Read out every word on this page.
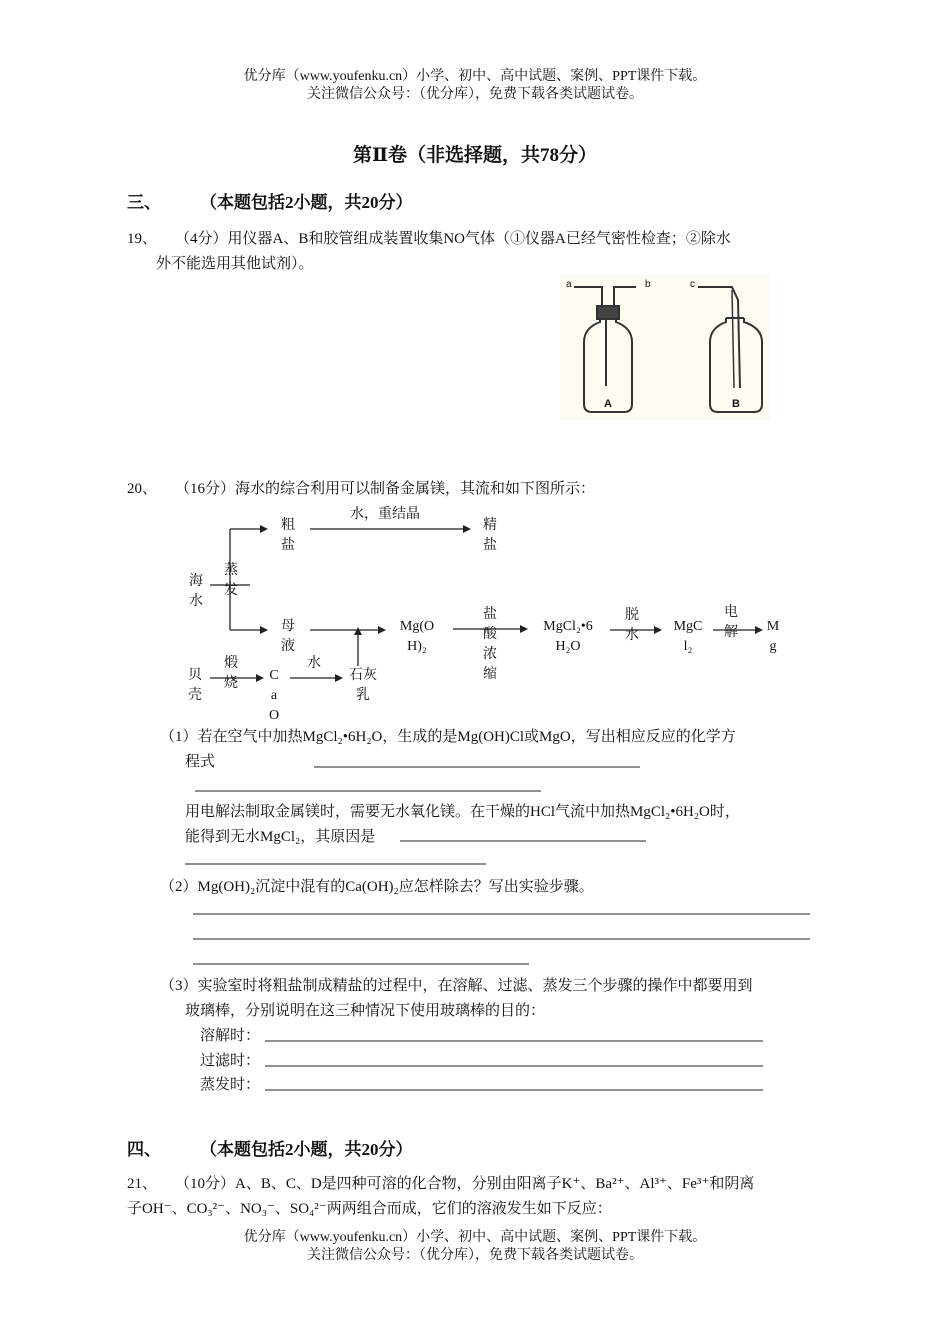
优分库（www.youfenku.cn）小学、初中、高中试题、案例、PPT课件下载。
关注微信公众号：（优分库），免费下载各类试题试卷。
第Ⅱ卷（非选择题，共78分）
三、 （本题包括2小题，共20分）
19、 （4分）用仪器A、B和胶管组成装置收集NO气体（①仪器A已经气密性检查；②除水
外不能选用其他试剂）。
a	b	c
A	B
20、 （16分）海水的综合利用可以制备金属镁，其流和如下图所示：
海
水
蒸
发
粗
盐
水，重结晶
精
盐
母
液
Mg(O
H)₂
盐
酸
浓
缩
MgCl₂•6
H₂O
脱
水
MgC
l₂
电
解 M
g
贝
壳
煅
烧
C
a
O
水
石灰
乳
（1）若在空气中加热MgCl₂•6H₂O，生成的是Mg(OH)Cl或MgO，写出相应反应的化学方
程式
用电解法制取金属镁时，需要无水氧化镁。在干燥的HCl气流中加热MgCl₂•6H₂O时，
能得到无水MgCl₂，其原因是
（2）Mg(OH)₂沉淀中混有的Ca(OH)₂应怎样除去？写出实验步骤。
（3）实验室时将粗盐制成精盐的过程中，在溶解、过滤、蒸发三个步骤的操作中都要用到
玻璃棒，分别说明在这三种情况下使用玻璃棒的目的：
溶解时：
过滤时：
蒸发时：
四、 （本题包括2小题，共20分）
21、 （10分）A、B、C、D是四种可溶的化合物，分别由阳离子K⁺、Ba²⁺、Al³⁺、Fe³⁺和阴离
子OH⁻、CO₃²⁻、NO₃⁻、SO₄²⁻两两组合而成，它们的溶液发生如下反应：
优分库（www.youfenku.cn）小学、初中、高中试题、案例、PPT课件下载。
关注微信公众号：（优分库），免费下载各类试题试卷。
